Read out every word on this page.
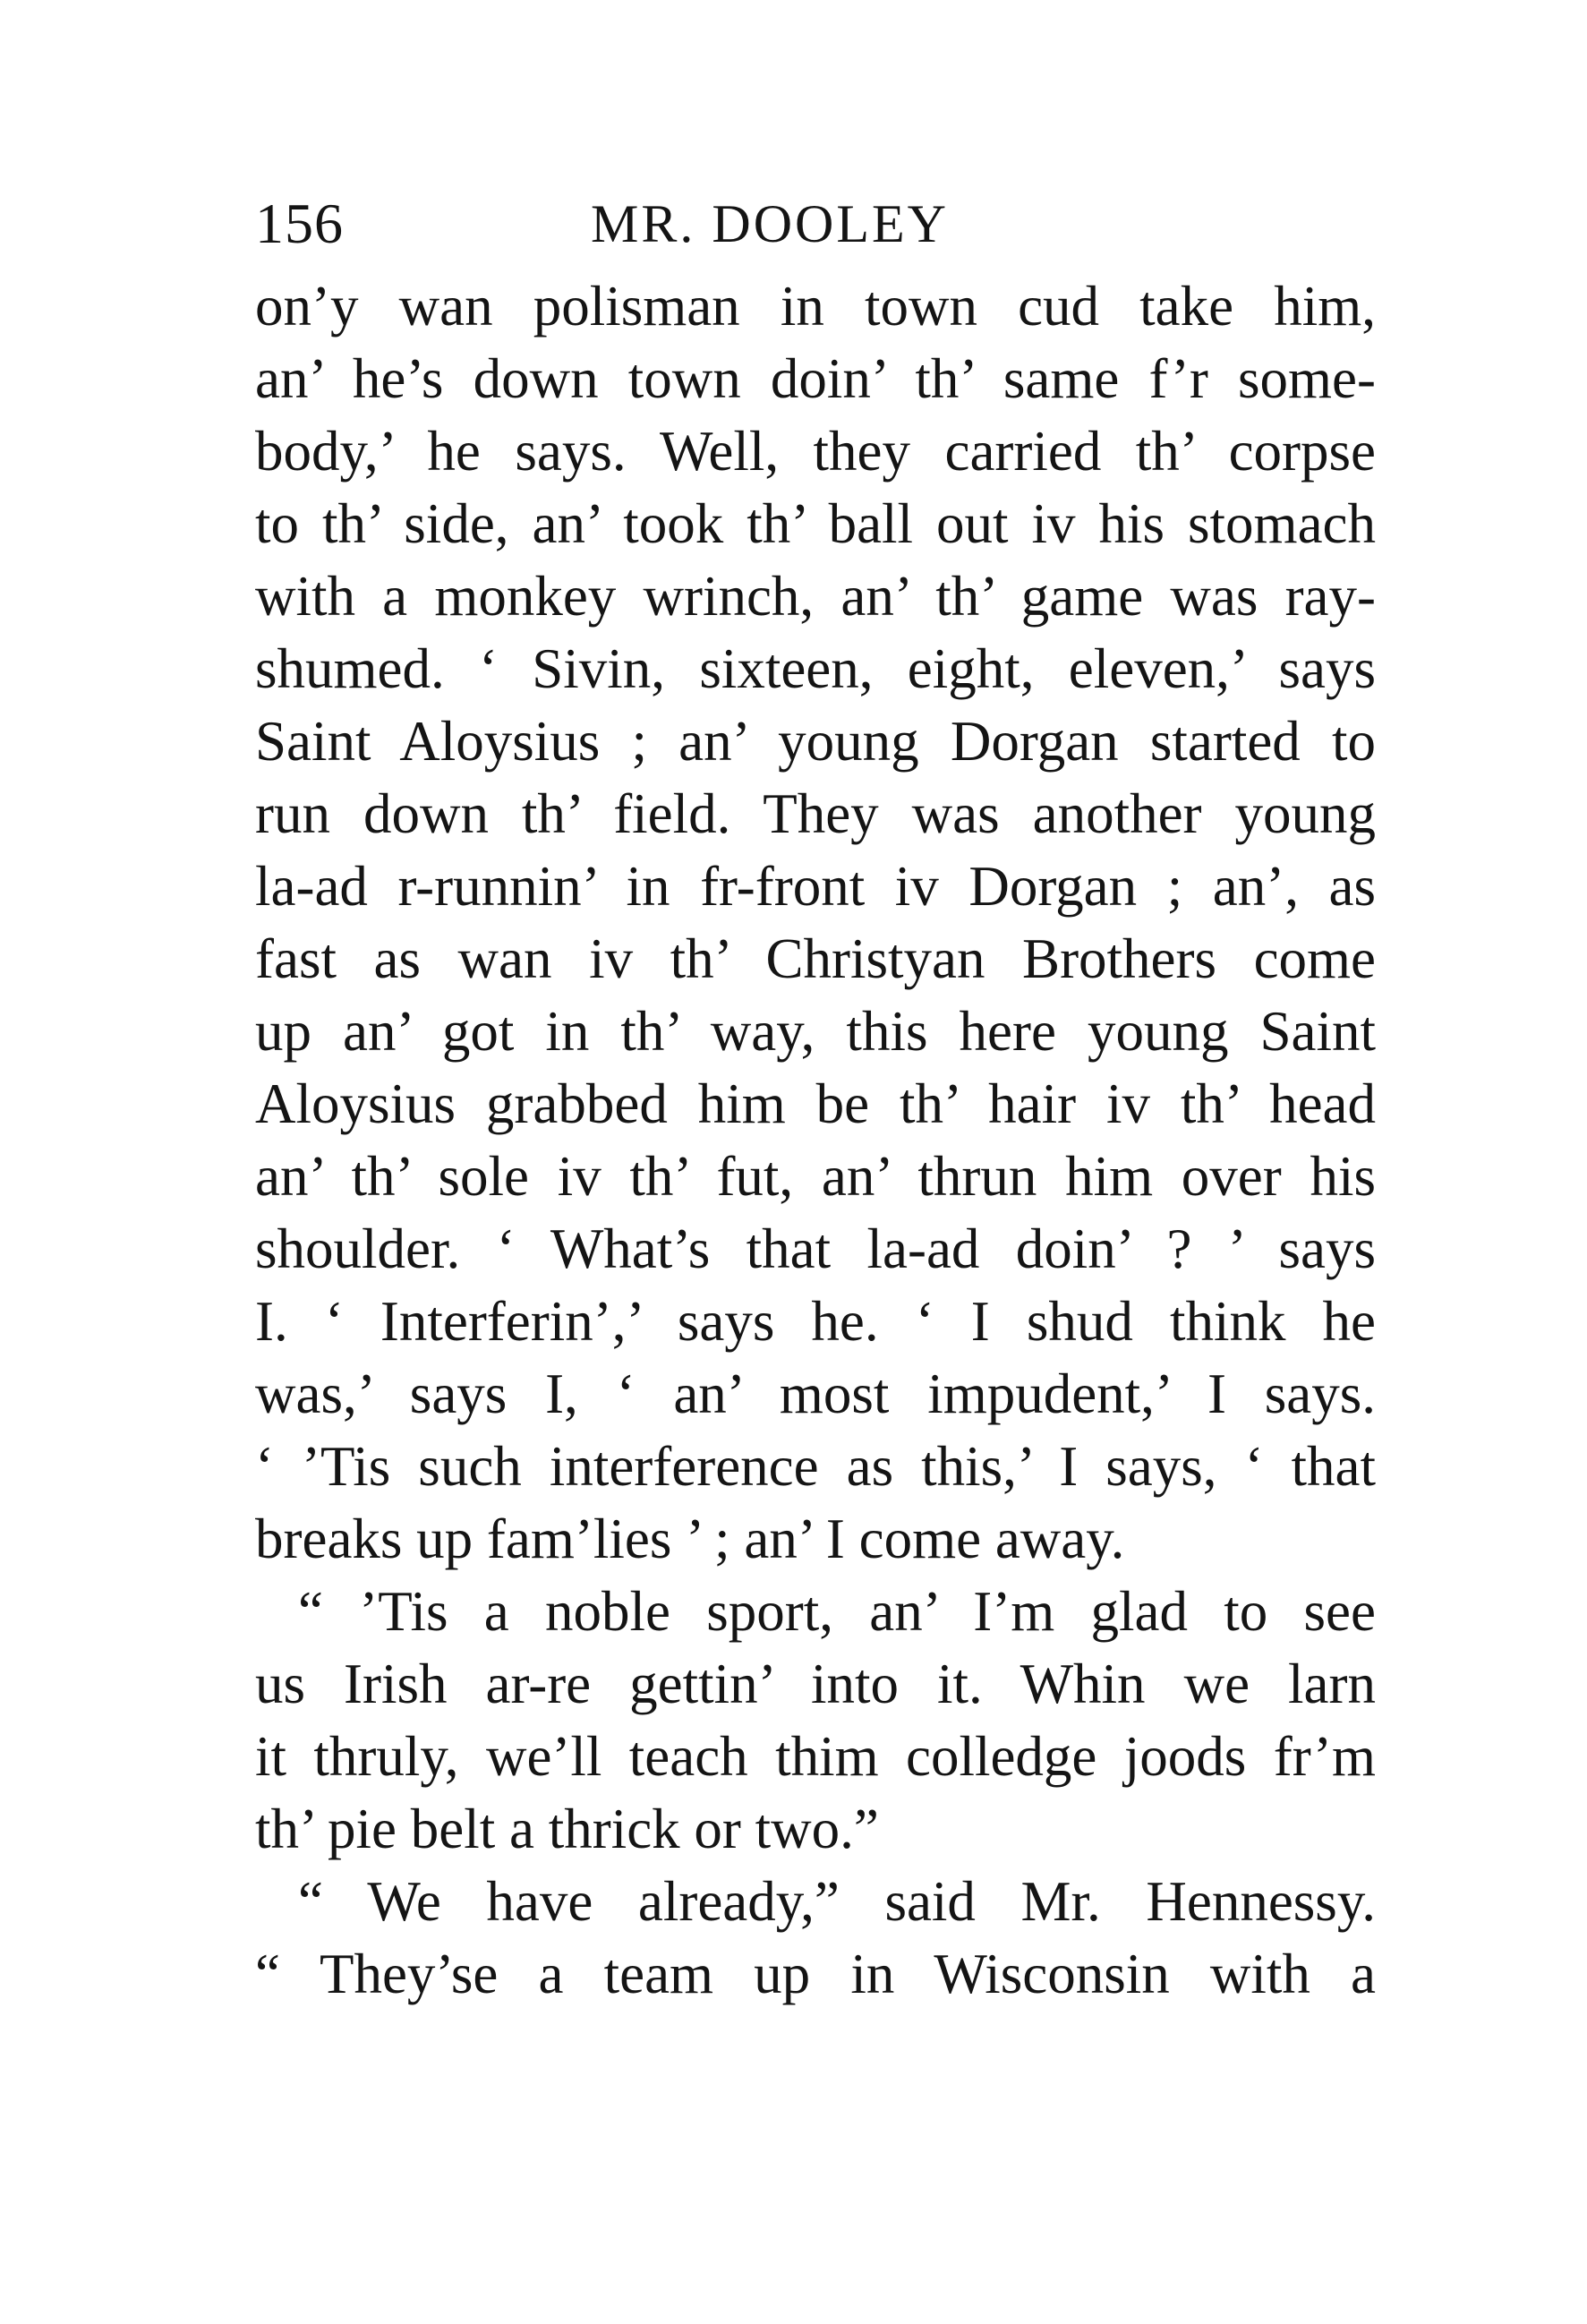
156	MR. DOOLEY
on’y wan polisman in town cud take him,
an’ he’s down town doin’ th’ same f’r some-
body,’ he says. Well, they carried th’ corpse
to th’ side, an’ took th’ ball out iv his stomach
with a monkey wrinch, an’ th’ game was ray-
shumed. ‘ Sivin, sixteen, eight, eleven,’ says
Saint Aloysius ; an’ young Dorgan started to
run down th’ field. They was another young
la-ad r-runnin’ in fr-front iv Dorgan ; an’, as
fast as wan iv th’ Christyan Brothers come
up an’ got in th’ way, this here young Saint
Aloysius grabbed him be th’ hair iv th’ head
an’ th’ sole iv th’ fut, an’ thrun him over his
shoulder. ‘ What’s that la-ad doin’ ? ’ says
I. ‘ Interferin’,’ says he. ‘ I shud think he
was,’ says I, ‘ an’ most impudent,’ I says.
‘ ’Tis such interference as this,’ I says, ‘ that
breaks up fam’lies ’ ; an’ I come away.
“ ’Tis a noble sport, an’ I’m glad to see
us Irish ar-re gettin’ into it. Whin we larn
it thruly, we’ll teach thim colledge joods fr’m
th’ pie belt a thrick or two.”
“ We have already,” said Mr. Hennessy.
“ They’se a team up in Wisconsin with a
